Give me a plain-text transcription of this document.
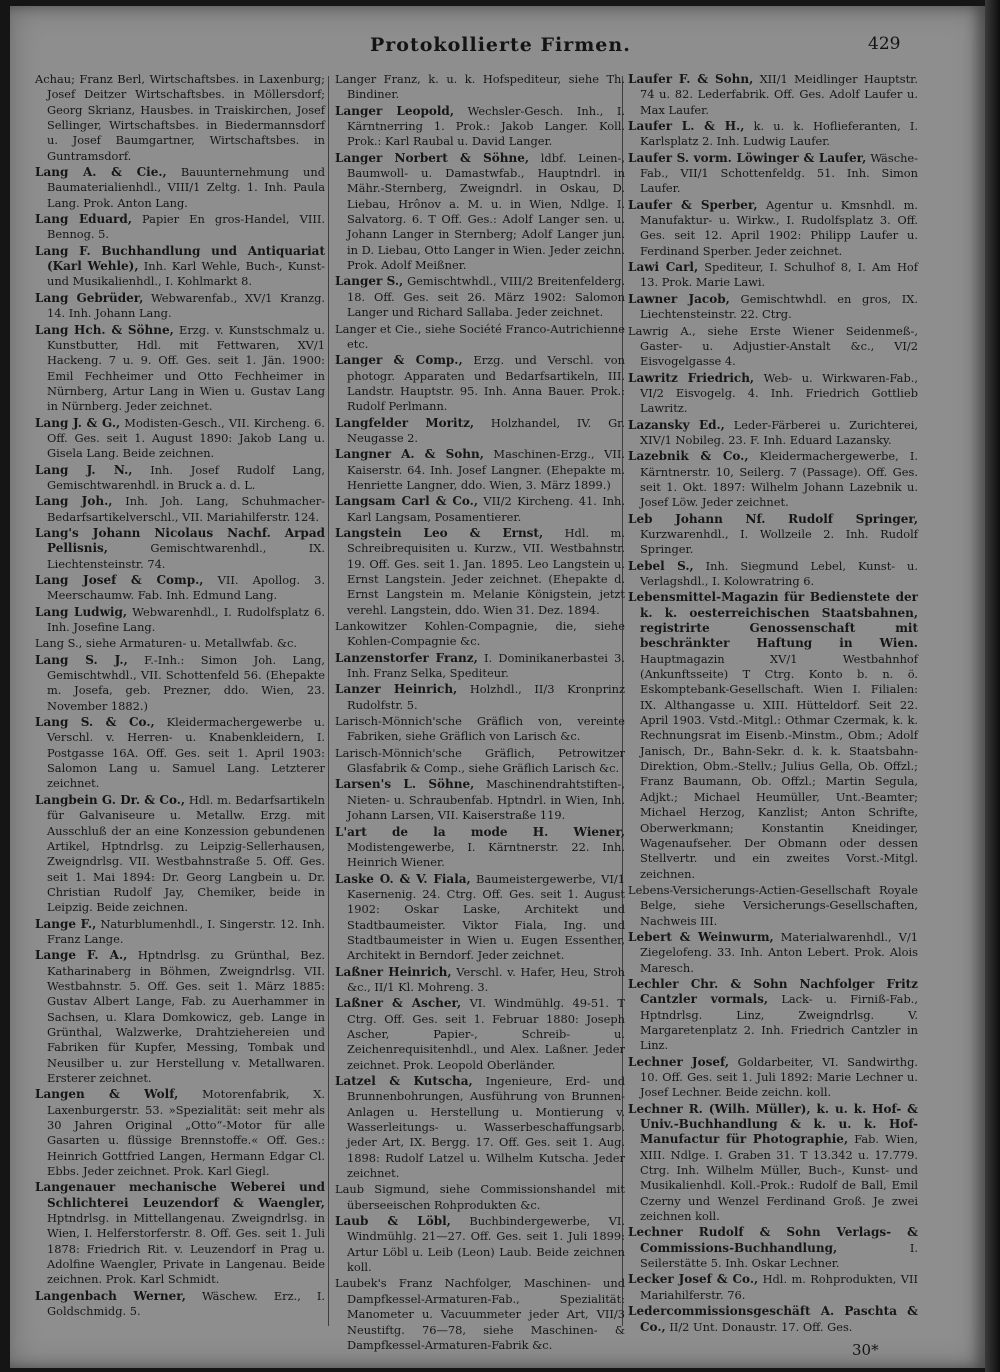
Protokollierte Firmen.	429
Achau; Franz Berl, Wirtschaftsbes. in Laxenburg; Josef Deitzer Wirtschaftsbes. in Möllersdorf; Georg Skrianz, Hausbes. in Traiskirchen, Josef Sellinger, Wirtschaftsbes. in Biedermannsdorf u. Josef Baumgartner, Wirtschaftsbes. in Guntramsdorf.
Lang A. & Cie., Bauunternehmung und Baumaterialienhdl., VIII/1 Zeltg. 1. Inh. Paula Lang. Prok. Anton Lang.
Lang Eduard, Papier En gros-Handel, VIII. Bennog. 5.
Lang F. Buchhandlung und Antiquariat (Karl Wehle), Inh. Karl Wehle, Buch-, Kunst- und Musikalienhdl., I. Kohlmarkt 8.
Lang Gebrüder, Webwarenfab., XV/1 Kranzg. 14. Inh. Johann Lang.
Lang Hch. & Söhne, Erzg. v. Kunstschmalz u. Kunstbutter, Hdl. mit Fettwaren, XV/1 Hackeng. 7 u. 9. Off. Ges. seit 1. Jän. 1900: Emil Fechheimer und Otto Fechheimer in Nürnberg, Artur Lang in Wien u. Gustav Lang in Nürnberg. Jeder zeichnet.
Lang J. & G., Modisten-Gesch., VII. Kircheng. 6. Off. Ges. seit 1. August 1890: Jakob Lang u. Gisela Lang. Beide zeichnen.
Lang J. N., Inh. Josef Rudolf Lang, Gemischtwarenhdl. in Bruck a. d. L.
Lang Joh., Inh. Joh. Lang, Schuhmacher-Bedarfsartikelverschl., VII. Mariahilferstr. 124.
Lang's Johann Nicolaus Nachf. Arpad Pellisnis,	Gemischtwarenhdl., IX. Liechtensteinstr. 74.
Lang Josef & Comp., VII. Apollog. 3. Meerschaumw. Fab. Inh. Edmund Lang.
Lang Ludwig, Webwarenhdl., I. Rudolfsplatz 6. Inh. Josefine Lang.
Lang S., siehe Armaturen- u. Metallwfab. &c.
Lang S. J., F.-Inh.: Simon Joh. Lang, Gemischtwhdl., VII. Schottenfeld 56. (Ehepakte m. Josefa, geb. Prezner, ddo. Wien, 23. November 1882.)
Lang S. & Co., Kleidermachergewerbe u. Verschl. v. Herren- u. Knabenkleidern, I. Postgasse 16A. Off. Ges. seit 1. April 1903: Salomon Lang u. Samuel Lang. Letzterer zeichnet.
Langbein G. Dr. & Co., Hdl. m. Bedarfsartikeln für Galvaniseure u. Metallw. Erzg. mit Ausschluß der an eine Konzession gebundenen Artikel, Hptndrlsg. zu Leipzig-Sellerhausen, Zweigndrlsg. VII. Westbahnstraße 5. Off. Ges. seit 1. Mai 1894: Dr. Georg Langbein u. Dr. Christian Rudolf Jay, Chemiker, beide in Leipzig. Beide zeichnen.
Lange F., Naturblumenhdl., I. Singerstr. 12. Inh. Franz Lange.
Lange F. A., Hptndrlsg. zu Grünthal, Bez. Katharinaberg in Böhmen, Zweigndrlsg. VII. Westbahnstr. 5. Off. Ges. seit 1. März 1885: Gustav Albert Lange, Fab. zu Auerhammer in Sachsen, u. Klara Domkowicz, geb. Lange in Grünthal, Walzwerke, Drahtziehereien und Fabriken für Kupfer, Messing, Tombak und Neusilber u. zur Herstellung v. Metallwaren. Ersterer zeichnet.
Langen & Wolf, Motorenfabrik, X. Laxenburgerstr. 53. »Spezialität: seit mehr als 30 Jahren Original „Otto“-Motor für alle Gasarten u. flüssige Brennstoffe.« Off. Ges.: Heinrich Gottfried Langen, Hermann Edgar Cl. Ebbs. Jeder zeichnet. Prok. Karl Giegl.
Langenauer mechanische Weberei und Schlichterei Leuzendorf & Waengler, Hptndrlsg. in Mittellangenau. Zweigndrlsg. in Wien, I. Helferstorferstr. 8. Off. Ges. seit 1. Juli 1878: Friedrich Rit. v. Leuzendorf in Prag u. Adolfine Waengler, Private in Langenau. Beide zeichnen. Prok. Karl Schmidt.
Langenbach Werner, Wäschew. Erz., I. Goldschmidg. 5.
Langer Franz, k. u. k. Hofspediteur, siehe Th. Bindiner.
Langer Leopold, Wechsler-Gesch. Inh., I. Kärntnerring 1. Prok.: Jakob Langer. Koll. Prok.: Karl Raubal u. David Langer.
Langer Norbert & Söhne, ldbf. Leinen-, Baumwoll- u. Damastwfab., Hauptndrl. in Mähr.-Sternberg, Zweigndrl. in Oskau, D. Liebau, Hrônov a. M. u. in Wien, Ndlge. I. Salvatorg. 6. T Off. Ges.: Adolf Langer sen. u. Johann Langer in Sternberg; Adolf Langer jun. in D. Liebau, Otto Langer in Wien. Jeder zeichn. Prok. Adolf Meißner.
Langer S., Gemischtwhdl., VIII/2 Breitenfelderg. 18. Off. Ges. seit 26. März 1902: Salomon Langer und Richard Sallaba. Jeder zeichnet.
Langer et Cie., siehe Société Franco-Autrichienne etc.
Langer & Comp., Erzg. und Verschl. von photogr. Apparaten und Bedarfsartikeln, III. Landstr. Hauptstr. 95. Inh. Anna Bauer. Prok.: Rudolf Perlmann.
Langfelder Moritz, Holzhandel, IV. Gr. Neugasse 2.
Langner A. & Sohn, Maschinen-Erzg., VII. Kaiserstr. 64. Inh. Josef Langner. (Ehepakte m. Henriette Langner, ddo. Wien, 3. März 1899.)
Langsam Carl & Co., VII/2 Kircheng. 41. Inh. Karl Langsam, Posamentierer.
Langstein Leo & Ernst, Hdl. m. Schreibrequisiten u. Kurzw., VII. Westbahnstr. 19. Off. Ges. seit 1. Jan. 1895. Leo Langstein u. Ernst Langstein. Jeder zeichnet. (Ehepakte d. Ernst Langstein m. Melanie Königstein, jetzt verehl. Langstein, ddo. Wien 31. Dez. 1894.
Lankowitzer Kohlen-Compagnie, die, siehe Kohlen-Compagnie &c.
Lanzenstorfer Franz, I. Dominikanerbastei 3. Inh. Franz Selka, Spediteur.
Lanzer Heinrich, Holzhdl., II/3 Kronprinz Rudolfstr. 5.
Larisch-Mönnich'sche Gräflich von, vereinte Fabriken, siehe Gräflich von Larisch &c.
Larisch-Mönnich'sche Gräflich, Petrowitzer Glasfabrik & Comp., siehe Gräflich Larisch &c.
Larsen's L. Söhne, Maschinendrahtstiften-, Nieten- u. Schraubenfab. Hptndrl. in Wien, Inh. Johann Larsen, VII. Kaiserstraße 119.
L'art de la mode H. Wiener, Modistengewerbe, I. Kärntnerstr. 22. Inh. Heinrich Wiener.
Laske O. & V. Fiala, Baumeistergewerbe, VI/1 Kasernenig. 24. Ctrg. Off. Ges. seit 1. August 1902: Oskar Laske, Architekt und Stadtbaumeister. Viktor Fiala, Ing. und Stadtbaumeister in Wien u. Eugen Essenther, Architekt in Berndorf. Jeder zeichnet.
Laßner Heinrich, Verschl. v. Hafer, Heu, Stroh &c., II/1 Kl. Mohreng. 3.
Laßner & Ascher, VI. Windmühlg. 49-51. T Ctrg. Off. Ges. seit 1. Februar 1880: Joseph Ascher, Papier-, Schreib- u. Zeichenrequisitenhdl., und Alex. Laßner. Jeder zeichnet. Prok. Leopold Oberländer.
Latzel & Kutscha, Ingenieure, Erd- und Brunnenbohrungen, Ausführung von Brunnen-Anlagen u. Herstellung u. Montierung v. Wasserleitungs- u. Wasserbeschaffungsarb. jeder Art, IX. Bergg. 17. Off. Ges. seit 1. Aug. 1898: Rudolf Latzel u. Wilhelm Kutscha. Jeder zeichnet.
Laub Sigmund, siehe Commissionshandel mit überseeischen Rohprodukten &c.
Laub & Löbl, Buchbindergewerbe, VI. Windmühlg. 21—27. Off. Ges. seit 1. Juli 1899: Artur Löbl u. Leib (Leon) Laub. Beide zeichnen koll.
Laubek's Franz Nachfolger, Maschinen- und Dampfkessel-Armaturen-Fab., Spezialität: Manometer u. Vacuummeter jeder Art, VII/3 Neustiftg. 76—78, siehe Maschinen- & Dampfkessel-Armaturen-Fabrik &c.
Laufer F. & Sohn, XII/1 Meidlinger Hauptstr. 74 u. 82. Lederfabrik. Off. Ges. Adolf Laufer u. Max Laufer.
Laufer L. & H., k. u. k. Hoflieferanten, I. Karlsplatz 2. Inh. Ludwig Laufer.
Laufer S. vorm. Löwinger & Laufer, Wäsche-Fab., VII/1 Schottenfeldg. 51. Inh. Simon Laufer.
Laufer & Sperber, Agentur u. Kmsnhdl. m. Manufaktur- u. Wirkw., I. Rudolfsplatz 3. Off. Ges. seit 12. April 1902: Philipp Laufer u. Ferdinand Sperber. Jeder zeichnet.
Lawi Carl, Spediteur, I. Schulhof 8, I. Am Hof 13. Prok. Marie Lawi.
Lawner Jacob, Gemischtwhdl. en gros, IX. Liechtensteinstr. 22. Ctrg.
Lawrig A., siehe Erste Wiener Seidenmeß-, Gaster- u. Adjustier-Anstalt &c., VI/2 Eisvogelgasse 4.
Lawritz Friedrich, Web- u. Wirkwaren-Fab., VI/2 Eisvogelg. 4. Inh. Friedrich Gottlieb Lawritz.
Lazansky Ed., Leder-Färberei u. Zurichterei, XIV/1 Nobileg. 23. F. Inh. Eduard Lazansky.
Lazebnik & Co., Kleidermachergewerbe, I. Kärntnerstr. 10, Seilerg. 7 (Passage). Off. Ges. seit 1. Okt. 1897: Wilhelm Johann Lazebnik u. Josef Löw. Jeder zeichnet.
Leb Johann Nf. Rudolf Springer, Kurzwarenhdl., I. Wollzeile 2. Inh. Rudolf Springer.
Lebel S., Inh. Siegmund Lebel, Kunst- u. Verlagshdl., I. Kolowratring 6.
Lebensmittel-Magazin für Bedienstete der k. k. oesterreichischen Staatsbahnen, registrirte Genossenschaft mit beschränkter Haftung in Wien. Hauptmagazin XV/1 Westbahnhof (Ankunftsseite) T Ctrg. Konto b. n. ö. Eskomptebank-Gesellschaft. Wien I. Filialen: IX. Althangasse u. XIII. Hütteldorf. Seit 22. April 1903. Vstd.-Mitgl.: Othmar Czermak, k. k. Rechnungsrat im Eisenb.-Minstm., Obm.; Adolf Janisch, Dr., Bahn-Sekr. d. k. k. Staatsbahn-Direktion, Obm.-Stellv.; Julius Gella, Ob. Offzl.; Franz Baumann, Ob. Offzl.; Martin Segula, Adjkt.; Michael Heumüller, Unt.-Beamter; Michael Herzog, Kanzlist; Anton Schrifte, Oberwerkmann; Konstantin Kneidinger, Wagenaufseher. Der Obmann oder dessen Stellvertr. und ein zweites Vorst.-Mitgl. zeichnen.
Lebens-Versicherungs-Actien-Gesellschaft Royale Belge, siehe Versicherungs-Gesellschaften, Nachweis III.
Lebert & Weinwurm, Materialwarenhdl., V/1 Ziegelofeng. 33. Inh. Anton Lebert. Prok. Alois Maresch.
Lechler Chr. & Sohn Nachfolger Fritz Cantzler vormals, Lack- u. Firniß-Fab., Hptndrlsg. Linz, Zweigndrlsg. V. Margaretenplatz 2. Inh. Friedrich Cantzler in Linz.
Lechner Josef, Goldarbeiter, VI. Sandwirthg. 10. Off. Ges. seit 1. Juli 1892: Marie Lechner u. Josef Lechner. Beide zeichn. koll.
Lechner R. (Wilh. Müller), k. u. k. Hof- & Univ.-Buchhandlung & k. u. k. Hof-Manufactur für Photographie, Fab. Wien, XIII. Ndlge. I. Graben 31. T 13.342 u. 17.779. Ctrg. Inh. Wilhelm Müller, Buch-, Kunst- und Musikalienhdl. Koll.-Prok.: Rudolf de Ball, Emil Czerny und Wenzel Ferdinand Groß. Je zwei zeichnen koll.
Lechner Rudolf & Sohn Verlags- & Commissions-Buchhandlung,	I. Seilerstätte 5. Inh. Oskar Lechner.
Lecker Josef & Co., Hdl. m. Rohprodukten, VII Mariahilferstr. 76.
Ledercommissionsgeschäft A. Paschta & Co., II/2 Unt. Donaustr. 17. Off. Ges.
30*
